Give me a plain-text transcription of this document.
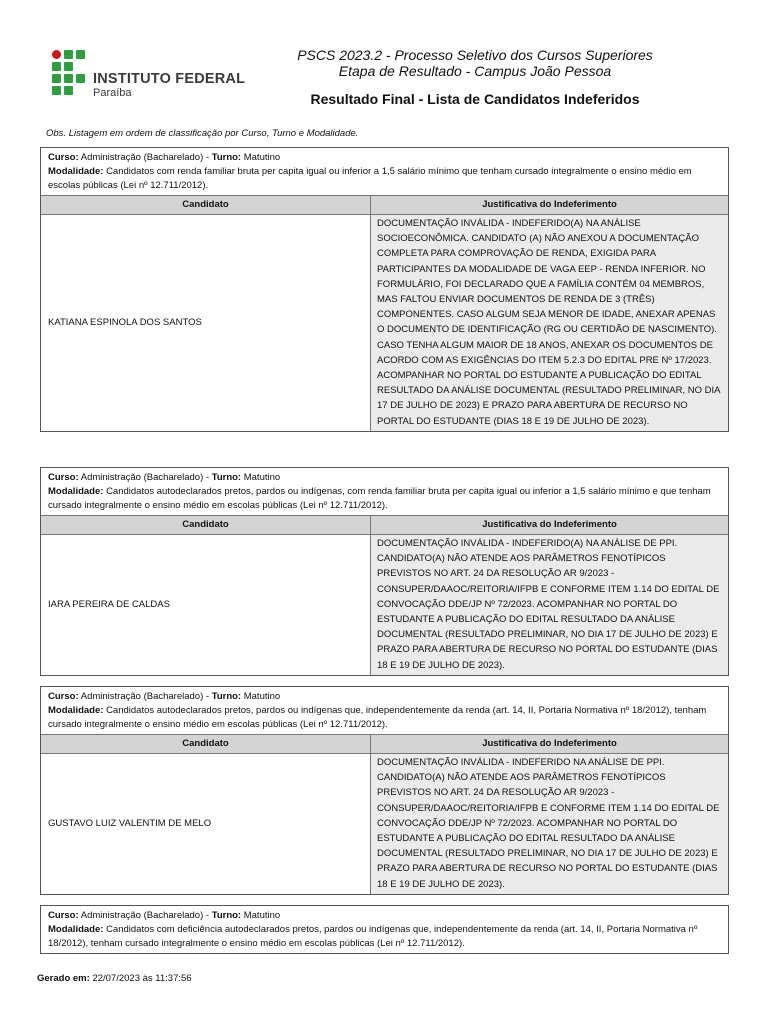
INSTITUTO FEDERAL
Paraíba
PSCS 2023.2 - Processo Seletivo dos Cursos Superiores
Etapa de Resultado - Campus João Pessoa
Resultado Final - Lista de Candidatos Indeferidos
Obs. Listagem em ordem de classificação por Curso, Turno e Modalidade.
Curso: Administração (Bacharelado) - Turno: Matutino
Modalidade: Candidatos com renda familiar bruta per capita igual ou inferior a 1,5 salário mínimo que tenham cursado integralmente o ensino médio em escolas públicas (Lei nº 12.711/2012).
Candidato	Justificativa do Indeferimento
KATIANA ESPINOLA DOS SANTOS	DOCUMENTAÇÃO INVÁLIDA - INDEFERIDO(A) NA ANÁLISE SOCIOECONÔMICA. CANDIDATO (A) NÃO ANEXOU A DOCUMENTAÇÃO COMPLETA PARA COMPROVAÇÃO DE RENDA, EXIGIDA PARA PARTICIPANTES DA MODALIDADE DE VAGA EEP - RENDA INFERIOR. NO FORMULÁRIO, FOI DECLARADO QUE A FAMÍLIA CONTÉM 04 MEMBROS, MAS FALTOU ENVIAR DOCUMENTOS DE RENDA DE 3 (TRÊS) COMPONENTES. CASO ALGUM SEJA MENOR DE IDADE, ANEXAR APENAS O DOCUMENTO DE IDENTIFICAÇÃO (RG OU CERTIDÃO DE NASCIMENTO). CASO TENHA ALGUM MAIOR DE 18 ANOS, ANEXAR OS DOCUMENTOS DE ACORDO COM AS EXIGÊNCIAS DO ITEM 5.2.3 DO EDITAL PRE Nº 17/2023. ACOMPANHAR NO PORTAL DO ESTUDANTE A PUBLICAÇÃO DO EDITAL RESULTADO DA ANÁLISE DOCUMENTAL (RESULTADO PRELIMINAR, NO DIA 17 DE JULHO DE 2023) E PRAZO PARA ABERTURA DE RECURSO NO PORTAL DO ESTUDANTE (DIAS 18 E 19 DE JULHO DE 2023).
Curso: Administração (Bacharelado) - Turno: Matutino
Modalidade: Candidatos autodeclarados pretos, pardos ou indígenas, com renda familiar bruta per capita igual ou inferior a 1,5 salário mínimo e que tenham cursado integralmente o ensino médio em escolas públicas (Lei nº 12.711/2012).
Candidato	Justificativa do Indeferimento
IARA PEREIRA DE CALDAS	DOCUMENTAÇÃO INVÁLIDA - INDEFERIDO(A) NA ANÁLISE DE PPI. CANDIDATO(A) NÃO ATENDE AOS PARÂMETROS FENOTÍPICOS PREVISTOS NO ART. 24 DA RESOLUÇÃO AR 9/2023 - CONSUPER/DAAOC/REITORIA/IFPB E CONFORME ITEM 1.14 DO EDITAL DE CONVOCAÇÃO DDE/JP Nº 72/2023. ACOMPANHAR NO PORTAL DO ESTUDANTE A PUBLICAÇÃO DO EDITAL RESULTADO DA ANÁLISE DOCUMENTAL (RESULTADO PRELIMINAR, NO DIA 17 DE JULHO DE 2023) E PRAZO PARA ABERTURA DE RECURSO NO PORTAL DO ESTUDANTE (DIAS 18 E 19 DE JULHO DE 2023).
Curso: Administração (Bacharelado) - Turno: Matutino
Modalidade: Candidatos autodeclarados pretos, pardos ou indígenas que, independentemente da renda (art. 14, II, Portaria Normativa nº 18/2012), tenham cursado integralmente o ensino médio em escolas públicas (Lei nº 12.711/2012).
Candidato	Justificativa do Indeferimento
GUSTAVO LUIZ VALENTIM DE MELO	DOCUMENTAÇÃO INVÁLIDA - INDEFERIDO NA ANÁLISE DE PPI. CANDIDATO(A) NÃO ATENDE AOS PARÂMETROS FENOTÍPICOS PREVISTOS NO ART. 24 DA RESOLUÇÃO AR 9/2023 - CONSUPER/DAAOC/REITORIA/IFPB E CONFORME ITEM 1.14 DO EDITAL DE CONVOCAÇÃO DDE/JP Nº 72/2023. ACOMPANHAR NO PORTAL DO ESTUDANTE A PUBLICAÇÃO DO EDITAL RESULTADO DA ANÁLISE DOCUMENTAL (RESULTADO PRELIMINAR, NO DIA 17 DE JULHO DE 2023) E PRAZO PARA ABERTURA DE RECURSO NO PORTAL DO ESTUDANTE (DIAS 18 E 19 DE JULHO DE 2023).
Curso: Administração (Bacharelado) - Turno: Matutino
Modalidade: Candidatos com deficiência autodeclarados pretos, pardos ou indígenas que, independentemente da renda (art. 14, II, Portaria Normativa nº 18/2012), tenham cursado integralmente o ensino médio em escolas públicas (Lei nº 12.711/2012).
Gerado em: 22/07/2023 às 11:37:56
